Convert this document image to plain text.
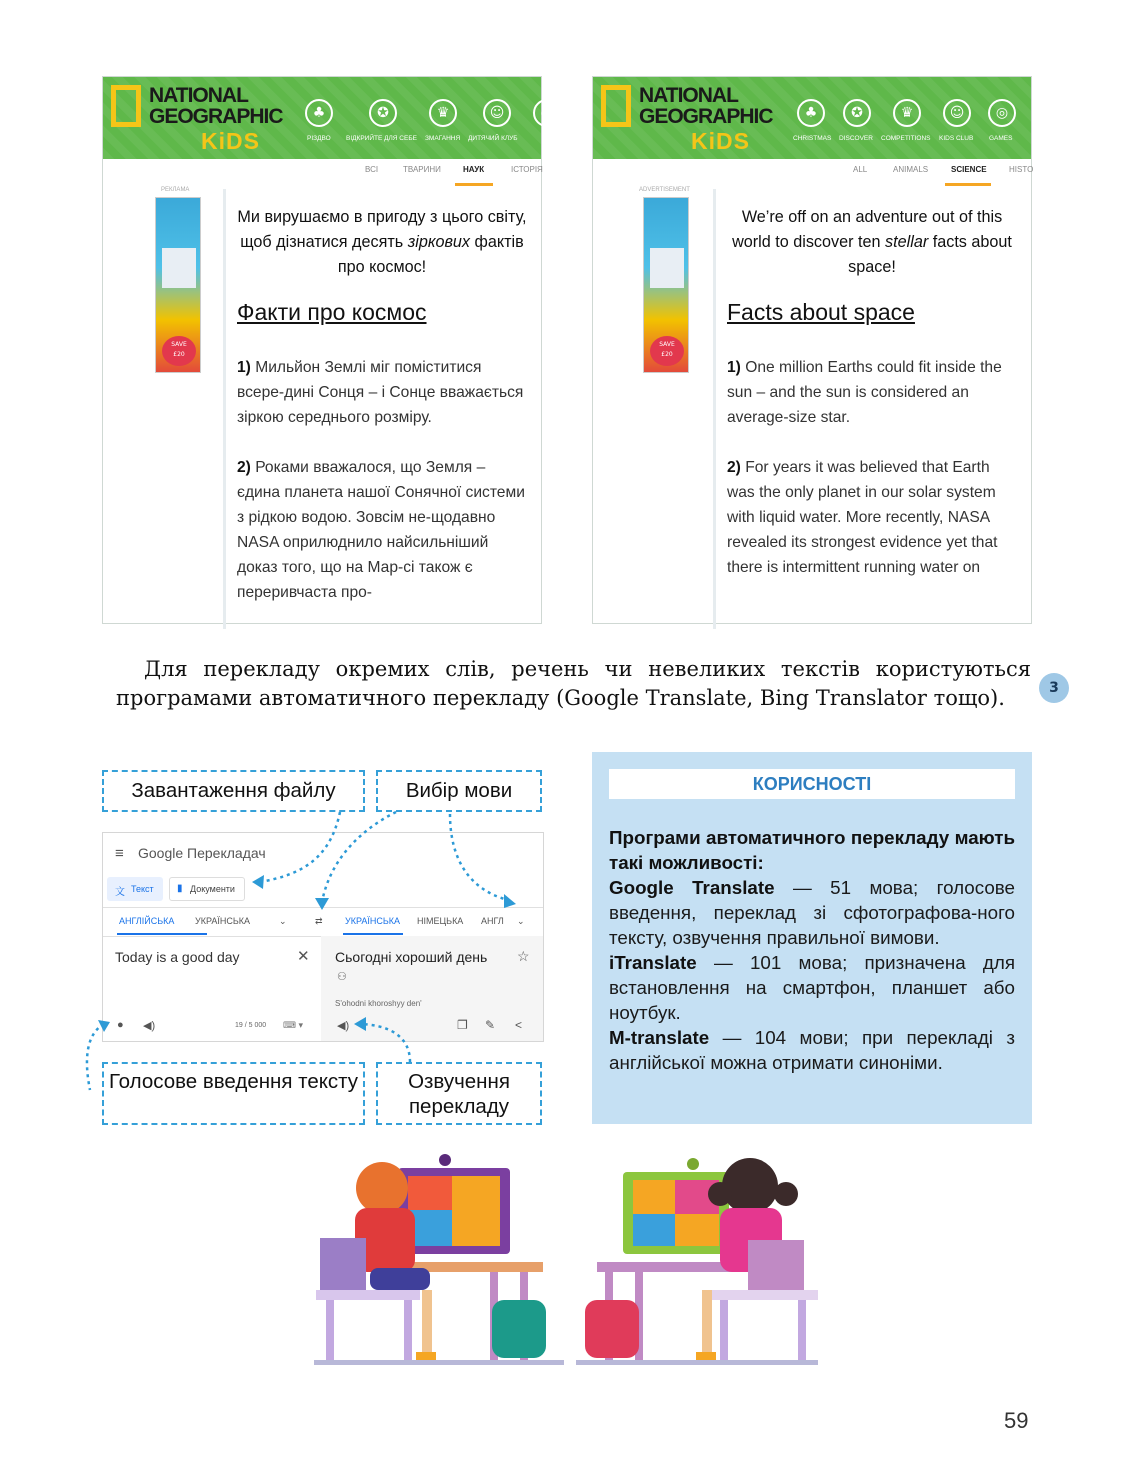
NATIONAL
GEOGRAPHIC
KiDS
♣	✪	♛	☺	●
РІЗДВО ВІДКРИЙТЕ ДЛЯ СЕБЕ ЗМАГАННЯ ДИТЯЧИЙ КЛУБ
ВСІ	ТВАРИНИ	НАУК	ІСТОРІЯ
РЕКЛАМА
SAVE
£20
Ми вирушаємо в пригоду з цього світу, щоб дізнатися десять зіркових фактів про космос!
Факти про космос
1) Мильйон Землі міг поміститися всере-дині Сонця – і Сонце вважається зіркою середнього розміру.
2) Роками вважалося, що Земля – єдина планета нашої Сонячної системи з рідкою водою. Зовсім не-щодавно NASA оприлюднило найсильніший доказ того, що на Мар-сі також є переривчаста про-
NATIONAL
GEOGRAPHIC
KiDS
♣	✪	♛	☺	◎
CHRISTMAS DISCOVER COMPETITIONS KIDS CLUB GAMES
ALL	ANIMALS	SCIENCE	HISTO
ADVERTISEMENT
SAVE
£20
We’re off on an adventure out of this world to discover ten stellar facts about space!
Facts about space
1) One million Earths could fit inside the sun – and the sun is considered an average-size star.
2) For years it was believed that Earth was the only planet in our solar system with liquid water. More recently, NASA revealed its strongest evidence yet that there is intermittent running water on
Для перекладу окремих слів, речень чи невеликих текстів користуються програмами автоматичного перекладу (Google Translate, Bing Translator тощо).	3
Завантаження файлу	Вибір мови
Голосове введення тексту	Озвучення перекладу
≡ Google Перекладач
文 Текст ▮ Документи
АНГЛІЙСЬКА УКРАЇНСЬКА	⌄	⇄ УКРАЇНСЬКА НІМЕЦЬКА АНГЛ ⌄
Today is a good day	✕ Сьогодні хороший день ☆
⚇
S'ohodni khoroshyy den'
● ◀)	19 / 5 000 ⌨ ▾	◀)	❐ ✎ <
КОРИСНОСТІ
Програми автоматичного перекладу мають такі можливості:
Google Translate — 51 мова; голосове введення, переклад зі сфотографова-ного тексту, озвучення правильної вимови.
iTranslate — 101 мова; призначена для встановлення на смартфон, планшет або ноутбук.
M-translate — 104 мови; при перекладі з англійської можна отримати синоніми.
59
